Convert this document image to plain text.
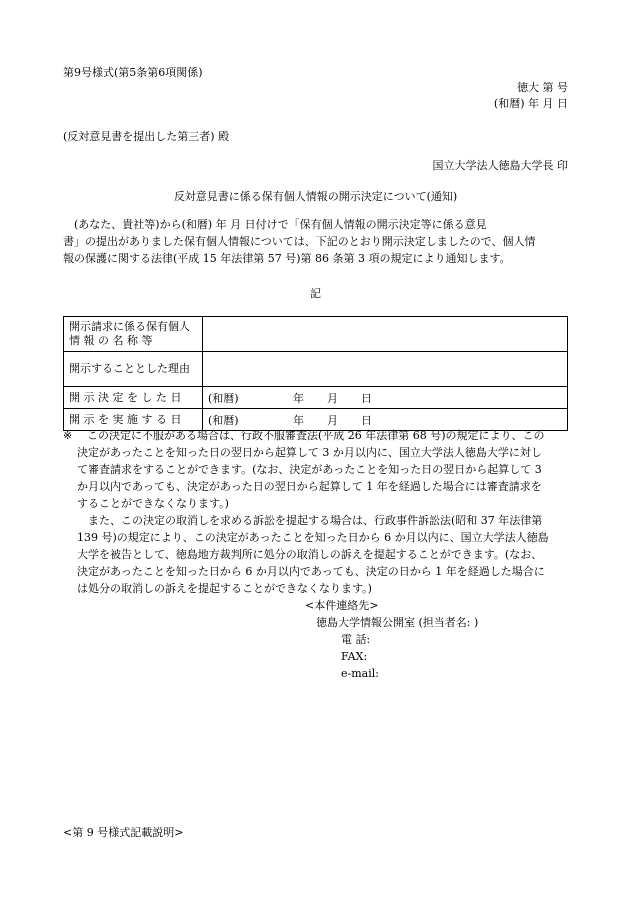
第9号様式(第5条第6項関係)
徳大 第 号
(和暦) 年 月 日
(反対意見書を提出した第三者) 殿
国立大学法人徳島大学長 印
反対意見書に係る保有個人情報の開示決定について(通知)
(あなた、貴社等)から(和暦) 年 月 日付けで「保有個人情報の開示決定等に係る意見
書」の提出がありました保有個人情報については、下記のとおり開示決定しましたので、個人情
報の保護に関する法律(平成 15 年法律第 57 号)第 86 条第 3 項の規定により通知します。
記
開示請求に係る保有個人
情 報 の 名 称 等	

開示することとした理由	
開 示 決 定 を し た 日	(和暦) 年 月 日
開 示 を 実 施 す る 日	(和暦) 年 月 日
※	この決定に不服がある場合は、行政不服審査法(平成 26 年法律第 68 号)の規定により、この
決定があったことを知った日の翌日から起算して 3 か月以内に、国立大学法人徳島大学に対し
て審査請求をすることができます。(なお、決定があったことを知った日の翌日から起算して 3
か月以内であっても、決定があった日の翌日から起算して 1 年を経過した場合には審査請求を
することができなくなります。)
また、この決定の取消しを求める訴訟を提起する場合は、行政事件訴訟法(昭和 37 年法律第
139 号)の規定により、この決定があったことを知った日から 6 か月以内に、国立大学法人徳島
大学を被告として、徳島地方裁判所に処分の取消しの訴えを提起することができます。(なお、
決定があったことを知った日から 6 か月以内であっても、決定の日から 1 年を経過した場合に
は処分の取消しの訴えを提起することができなくなります。)
<本件連絡先>
徳島大学情報公開室 (担当者名: )
電 話:
FAX:
e-mail:
<第 9 号様式記載説明>
